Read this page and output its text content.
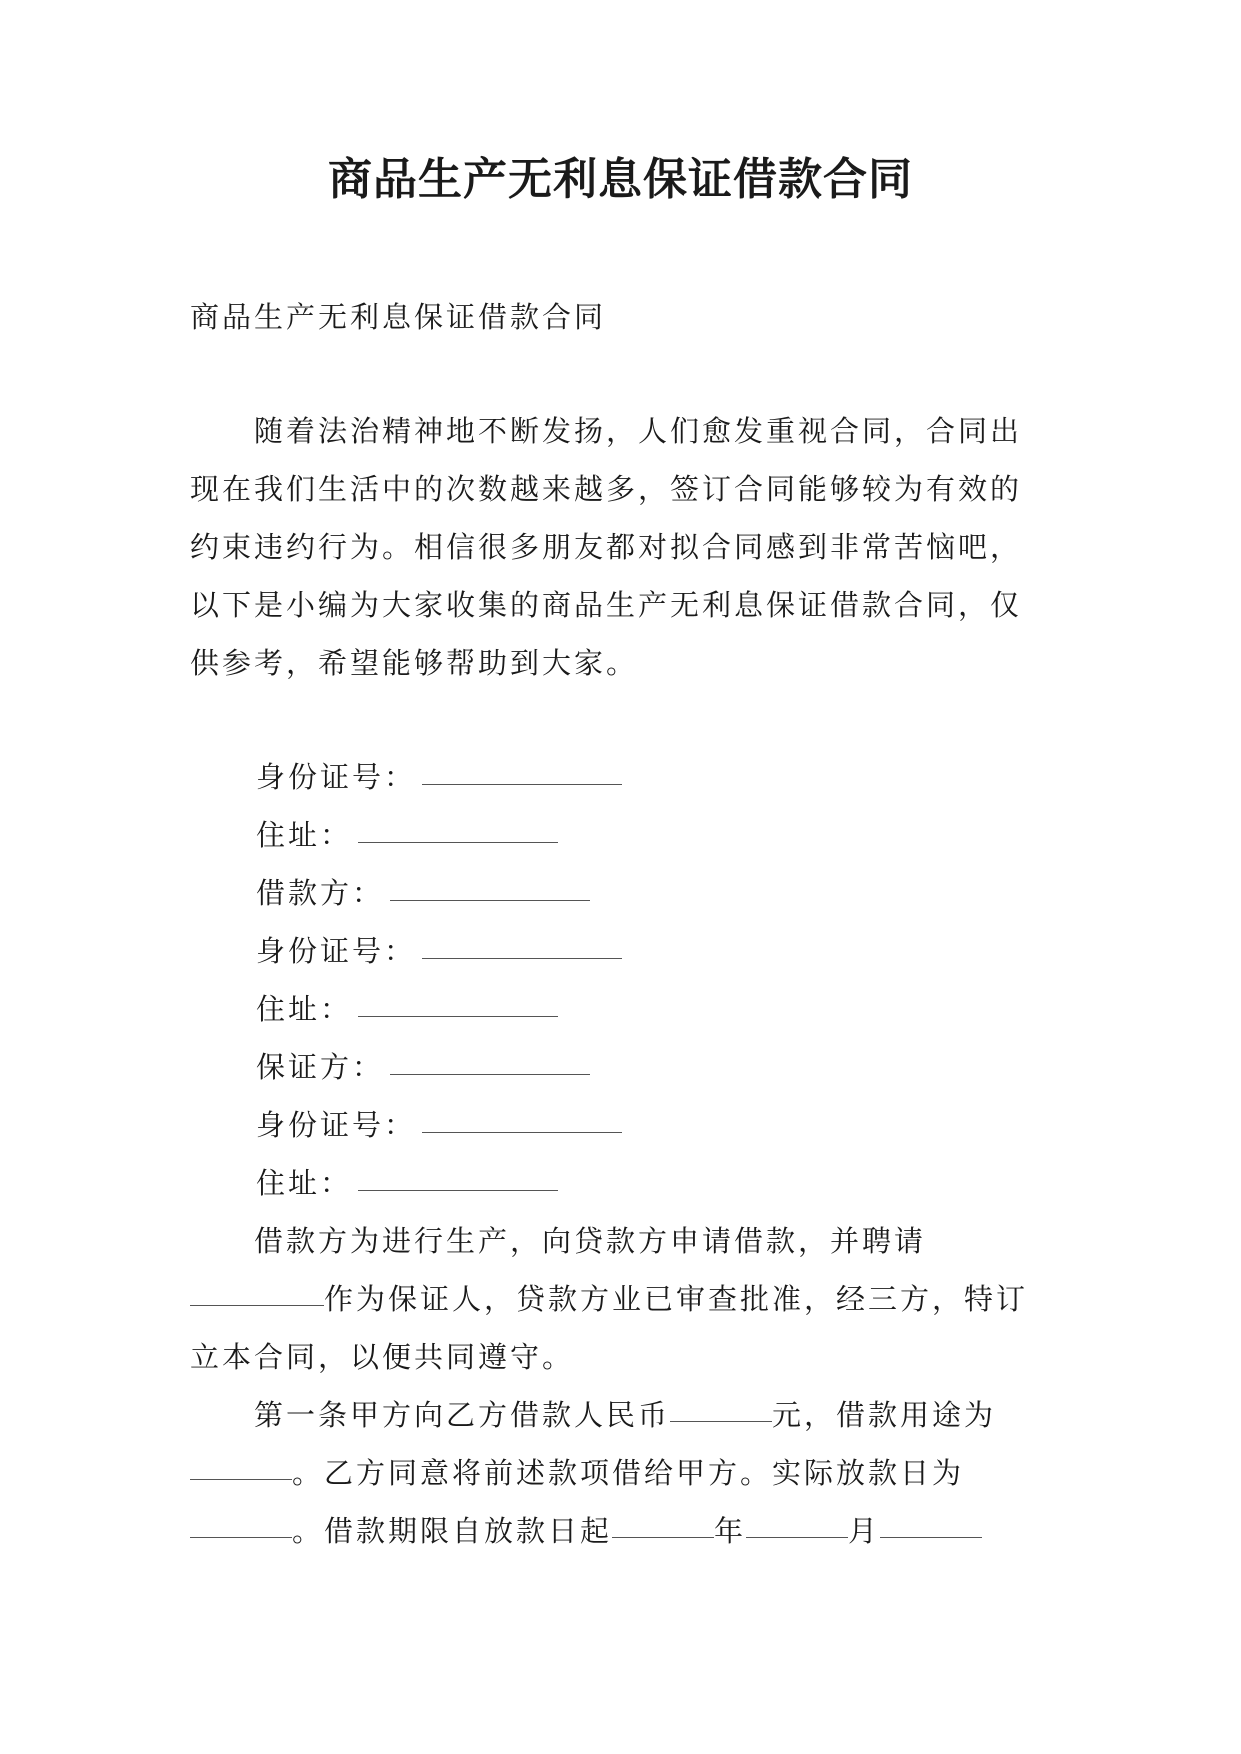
商品生产无利息保证借款合同
商品生产无利息保证借款合同
随着法治精神地不断发扬，人们愈发重视合同，合同出现在我们生活中的次数越来越多，签订合同能够较为有效的约束违约行为。相信很多朋友都对拟合同感到非常苦恼吧，以下是小编为大家收集的商品生产无利息保证借款合同，仅供参考，希望能够帮助到大家。
身份证号：
住址：
借款方：
身份证号：
住址：
保证方：
身份证号：
住址：
借款方为进行生产，向贷款方申请借款，并聘请作为保证人，贷款方业已审查批准，经三方，特订立本合同，以便共同遵守。
第一条甲方向乙方借款人民币	元，借款用途为。乙方同意将前述款项借给甲方。实际放款日为。借款期限自放款日起	年	月
